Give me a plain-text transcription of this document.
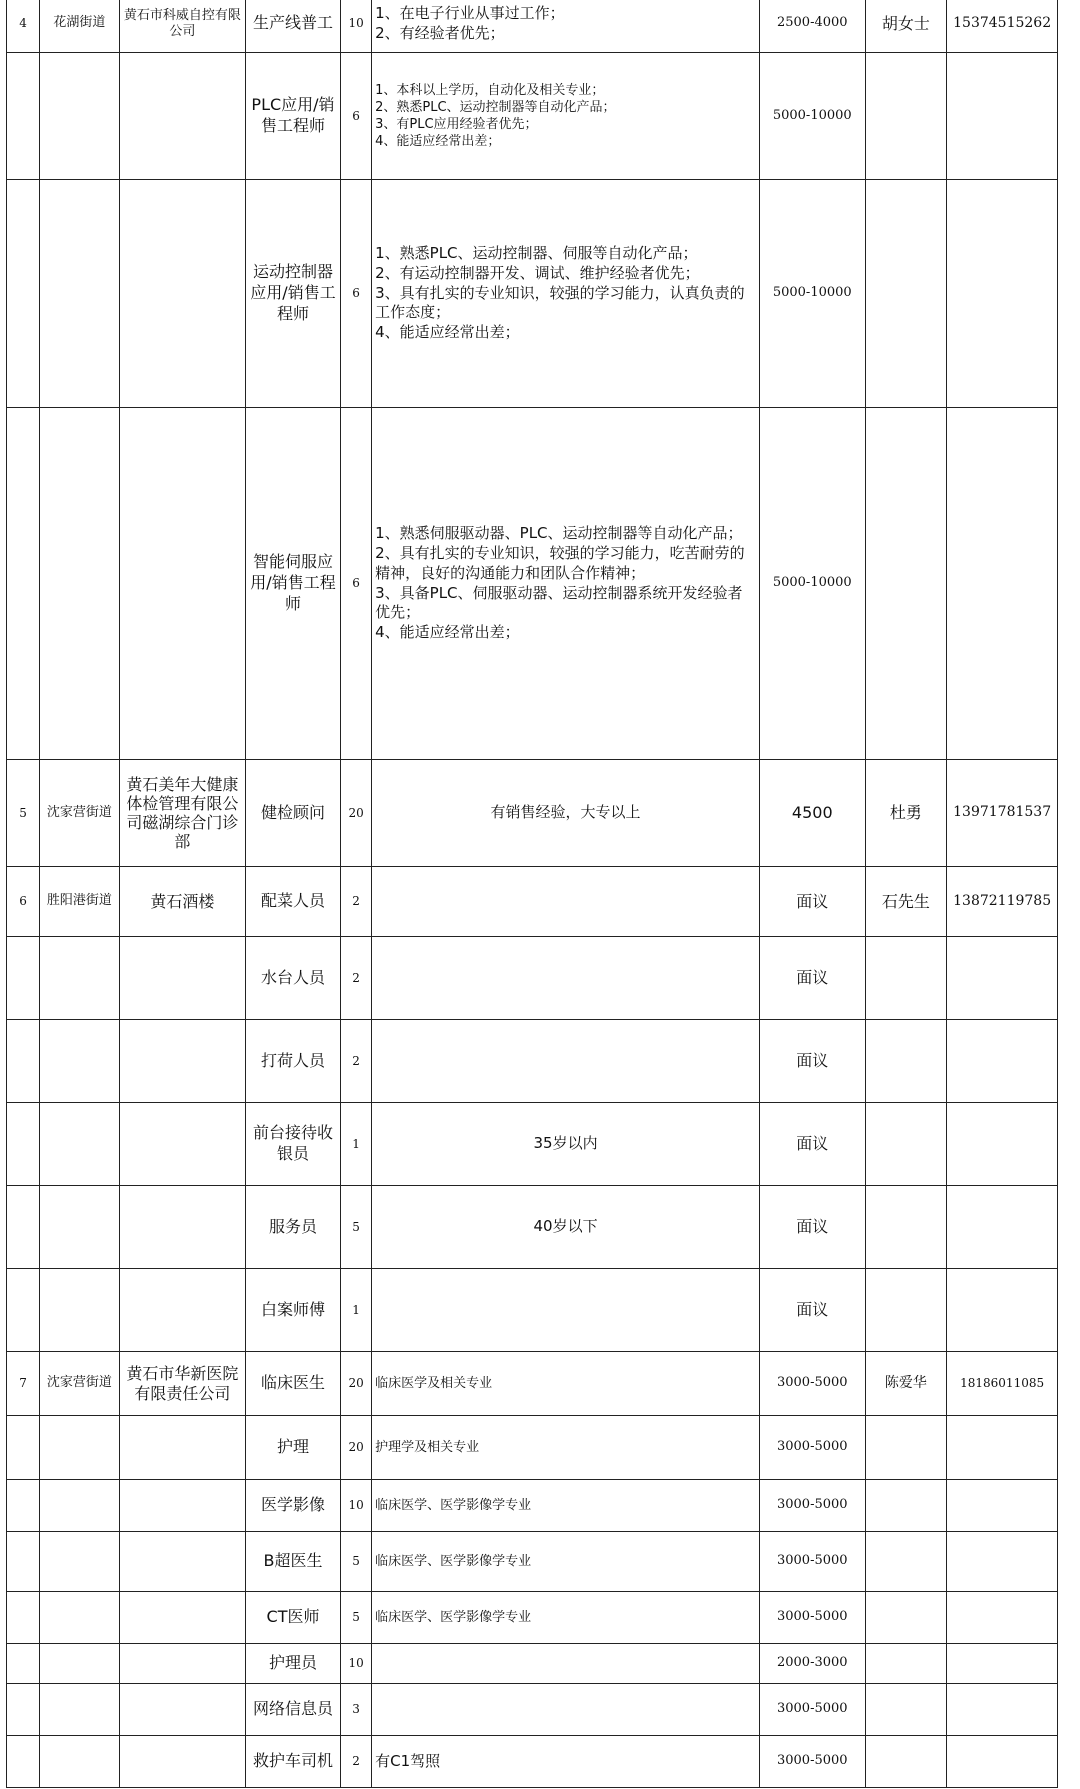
4	花湖街道	黄石市科威自控有限公司	生产线普工	10	1、在电子行业从事过工作；
2、有经验者优先；	2500-4000	胡女士	15374515262
			PLC应用/销售工程师	6	1、本科以上学历，自动化及相关专业；
2、熟悉PLC、运动控制器等自动化产品；
3、有PLC应用经验者优先；
4、能适应经常出差；	5000-10000		
			运动控制器应用/销售工程师	6	1、熟悉PLC、运动控制器、伺服等自动化产品；
2、有运动控制器开发、调试、维护经验者优先；
3、具有扎实的专业知识，较强的学习能力，认真负责的工作态度；
4、能适应经常出差；	5000-10000		
			智能伺服应用/销售工程师	6	1、熟悉伺服驱动器、PLC、运动控制器等自动化产品；
2、具有扎实的专业知识，较强的学习能力，吃苦耐劳的精神，良好的沟通能力和团队合作精神；
3、具备PLC、伺服驱动器、运动控制器系统开发经验者优先；
4、能适应经常出差；	5000-10000		
5	沈家营街道	黄石美年大健康体检管理有限公司磁湖综合门诊部	健检顾问	20	有销售经验，大专以上	4500	杜勇	13971781537
6	胜阳港街道	黄石酒楼	配菜人员	2		面议	石先生	13872119785
			水台人员	2		面议		
			打荷人员	2		面议		
			前台接待收银员	1	35岁以内	面议		
			服务员	5	40岁以下	面议		
			白案师傅	1		面议		
7	沈家营街道	黄石市华新医院有限责任公司	临床医生	20	临床医学及相关专业	3000-5000	陈爱华	18186011085
			护理	20	护理学及相关专业	3000-5000		
			医学影像	10	临床医学、医学影像学专业	3000-5000		
			B超医生	5	临床医学、医学影像学专业	3000-5000		
			CT医师	5	临床医学、医学影像学专业	3000-5000		
			护理员	10		2000-3000		
			网络信息员	3		3000-5000		
			救护车司机	2	有C1驾照	3000-5000		
